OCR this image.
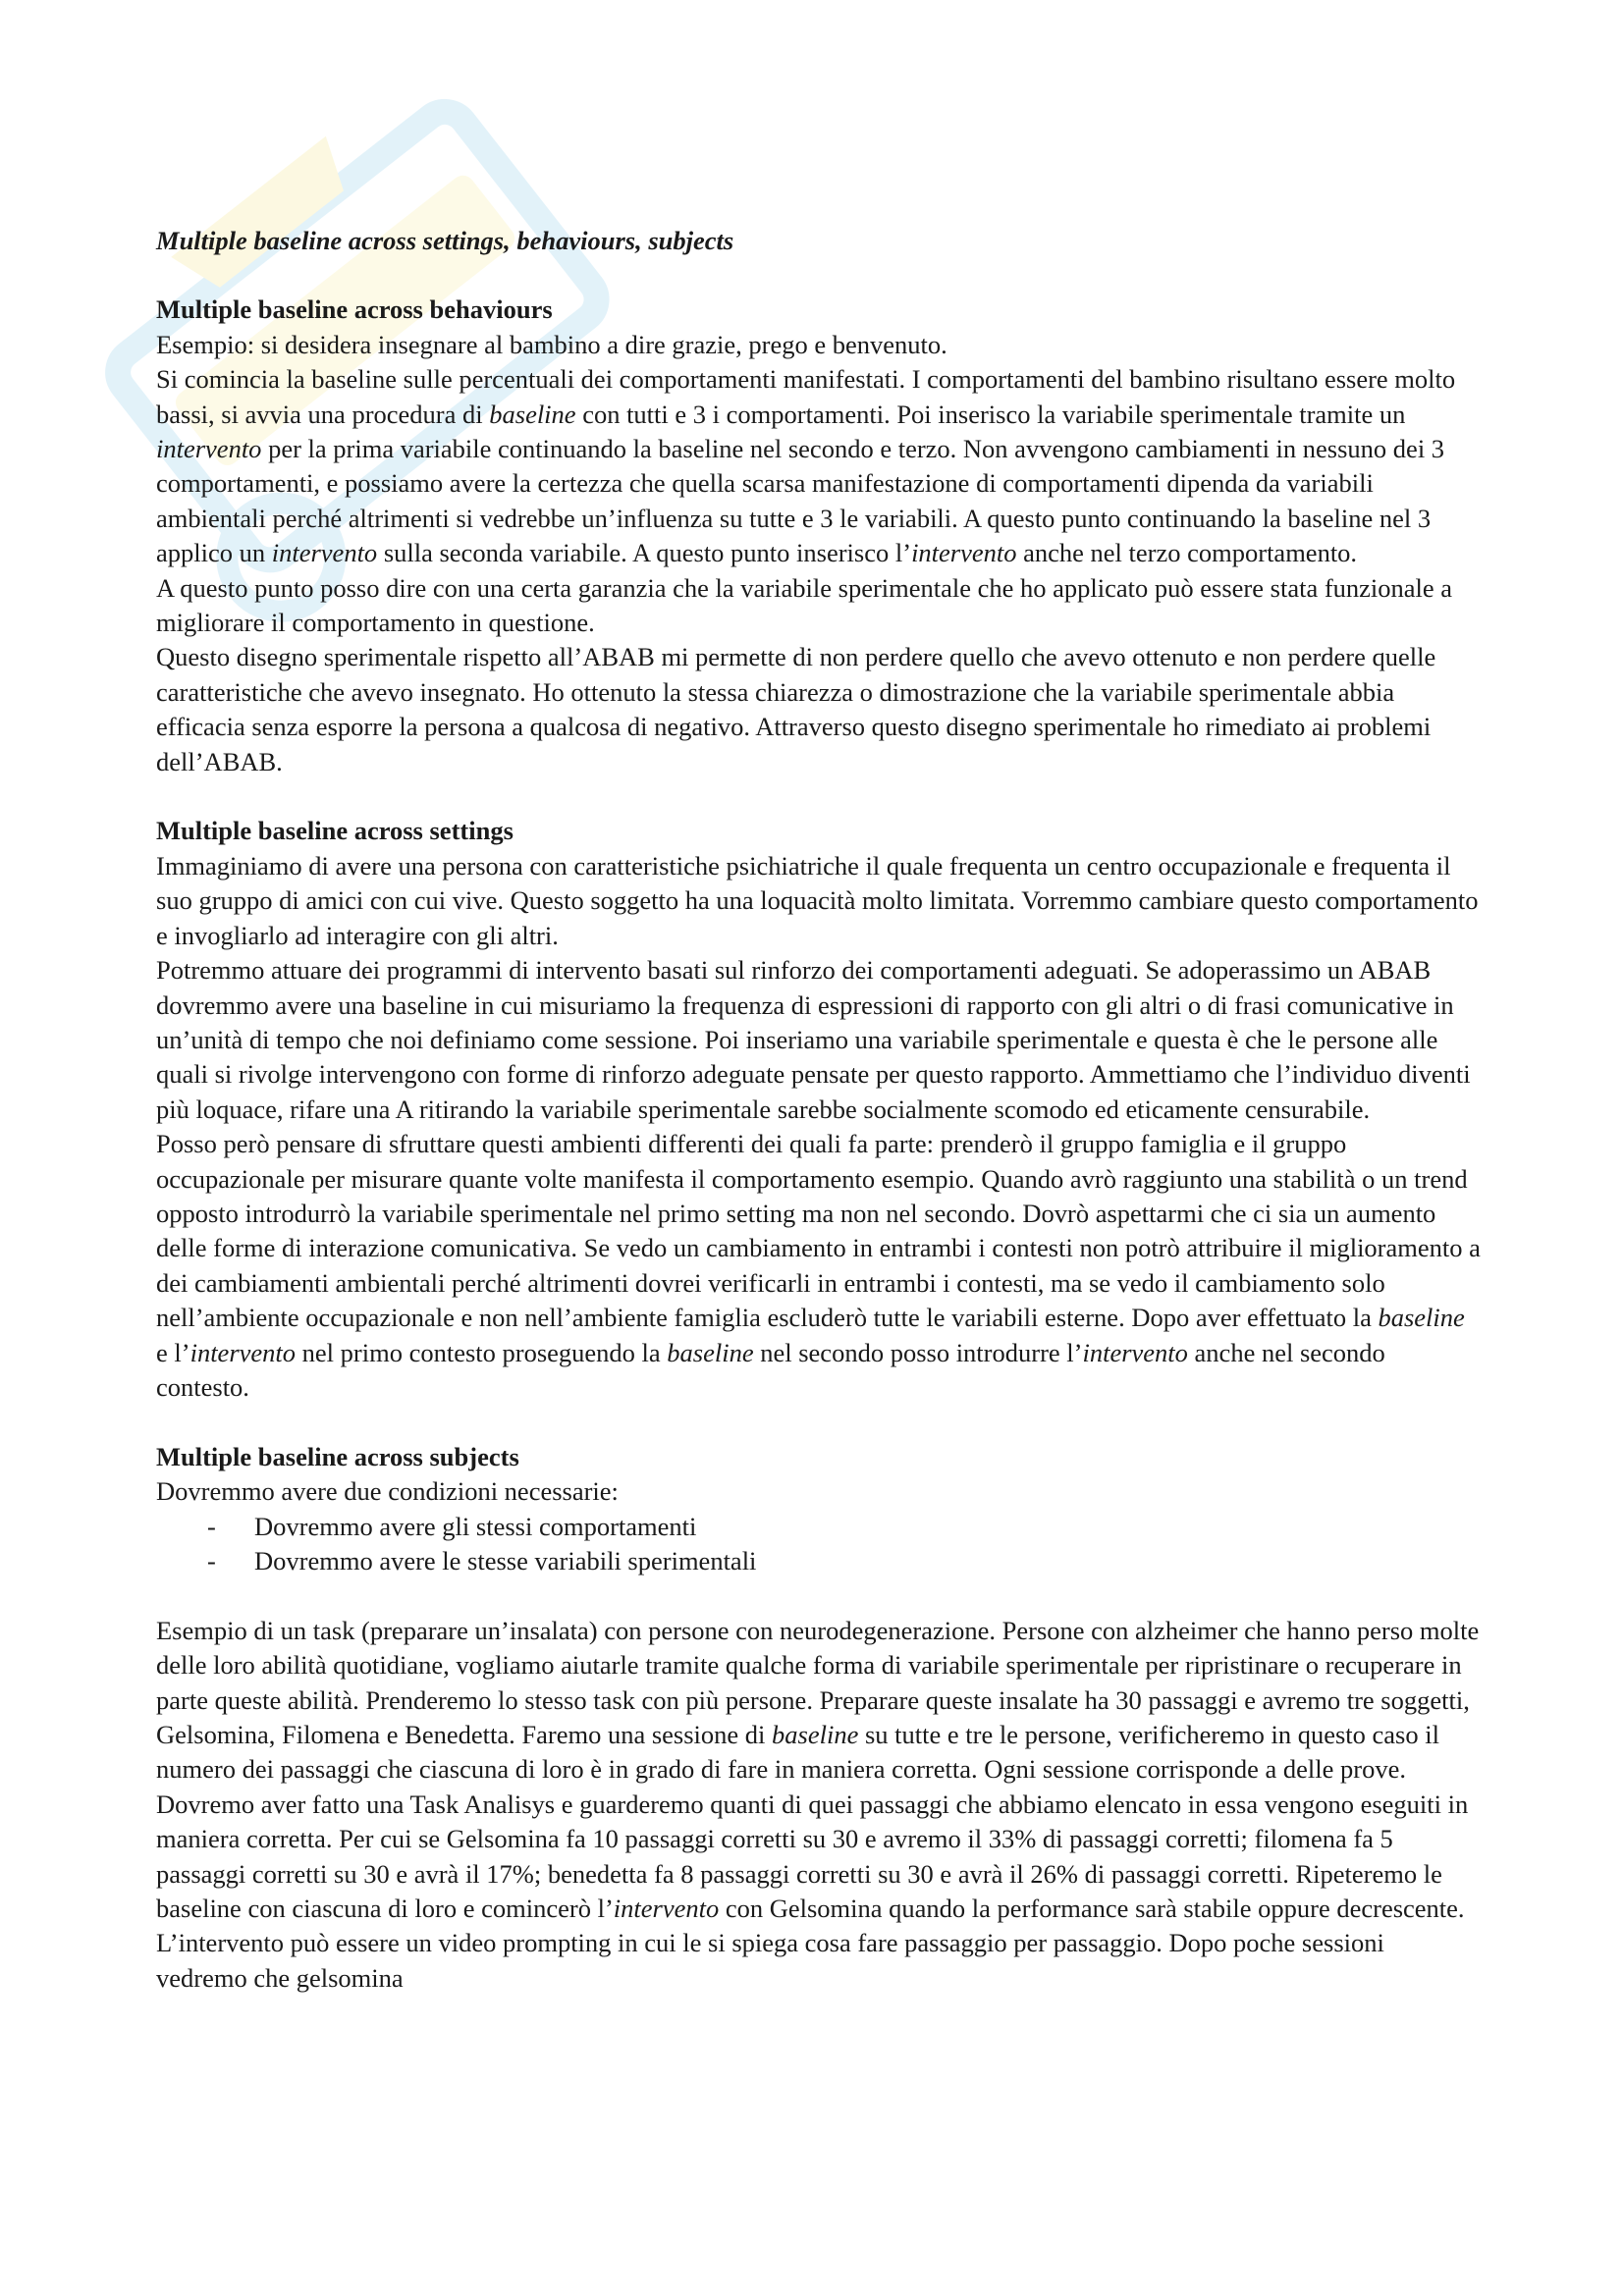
Multiple baseline across settings, behaviours, subjects

Multiple baseline across behaviours

Esempio: si desidera insegnare al bambino a dire grazie, prego e benvenuto.

Si comincia la baseline sulle percentuali dei comportamenti manifestati. I comportamenti del bambino risultano essere molto bassi, si avvia una procedura di baseline con tutti e 3 i comportamenti. Poi inserisco la variabile sperimentale tramite un intervento per la prima variabile continuando la baseline nel secondo e terzo. Non avvengono cambiamenti in nessuno dei 3 comportamenti, e possiamo avere la certezza che quella scarsa manifestazione di comportamenti dipenda da variabili ambientali perché altrimenti si vedrebbe un’influenza su tutte e 3 le variabili. A questo punto continuando la baseline nel 3 applico un intervento sulla seconda variabile. A questo punto inserisco l’intervento anche nel terzo comportamento.

A questo punto posso dire con una certa garanzia che la variabile sperimentale che ho applicato può essere stata funzionale a migliorare il comportamento in questione.

Questo disegno sperimentale rispetto all’ABAB mi permette di non perdere quello che avevo ottenuto e non perdere quelle caratteristiche che avevo insegnato. Ho ottenuto la stessa chiarezza o dimostrazione che la variabile sperimentale abbia efficacia senza esporre la persona a qualcosa di negativo. Attraverso questo disegno sperimentale ho rimediato ai problemi dell’ABAB.

Multiple baseline across settings

Immaginiamo di avere una persona con caratteristiche psichiatriche il quale frequenta un centro occupazionale e frequenta il suo gruppo di amici con cui vive. Questo soggetto ha una loquacità molto limitata. Vorremmo cambiare questo comportamento e invogliarlo ad interagire con gli altri.

Potremmo attuare dei programmi di intervento basati sul rinforzo dei comportamenti adeguati. Se adoperassimo un ABAB dovremmo avere una baseline in cui misuriamo la frequenza di espressioni di rapporto con gli altri o di frasi comunicative in un’unità di tempo che noi definiamo come sessione. Poi inseriamo una variabile sperimentale e questa è che le persone alle quali si rivolge intervengono con forme di rinforzo adeguate pensate per questo rapporto. Ammettiamo che l’individuo diventi più loquace, rifare una A ritirando la variabile sperimentale sarebbe socialmente scomodo ed eticamente censurabile.

Posso però pensare di sfruttare questi ambienti differenti dei quali fa parte: prenderò il gruppo famiglia e il gruppo occupazionale per misurare quante volte manifesta il comportamento esempio. Quando avrò raggiunto una stabilità o un trend opposto introdurrò la variabile sperimentale nel primo setting ma non nel secondo. Dovrò aspettarmi che ci sia un aumento delle forme di interazione comunicativa. Se vedo un cambiamento in entrambi i contesti non potrò attribuire il miglioramento a dei cambiamenti ambientali perché altrimenti dovrei verificarli in entrambi i contesti, ma se vedo il cambiamento solo nell’ambiente occupazionale e non nell’ambiente famiglia escluderò tutte le variabili esterne. Dopo aver effettuato la baseline e l’intervento nel primo contesto proseguendo la baseline nel secondo posso introdurre l’intervento anche nel secondo contesto.

Multiple baseline across subjects

Dovremmo avere due condizioni necessarie:

- Dovremmo avere gli stessi comportamenti
- Dovremmo avere le stesse variabili sperimentali

Esempio di un task (preparare un’insalata) con persone con neurodegenerazione. Persone con alzheimer che hanno perso molte delle loro abilità quotidiane, vogliamo aiutarle tramite qualche forma di variabile sperimentale per ripristinare o recuperare in parte queste abilità. Prenderemo lo stesso task con più persone. Preparare queste insalate ha 30 passaggi e avremo tre soggetti, Gelsomina, Filomena e Benedetta. Faremo una sessione di baseline su tutte e tre le persone, verificheremo in questo caso il numero dei passaggi che ciascuna di loro è in grado di fare in maniera corretta. Ogni sessione corrisponde a delle prove. Dovremo aver fatto una Task Analisys e guarderemo quanti di quei passaggi che abbiamo elencato in essa vengono eseguiti in maniera corretta. Per cui se Gelsomina fa 10 passaggi corretti su 30 e avremo il 33% di passaggi corretti; filomena fa 5 passaggi corretti su 30 e avrà il 17%; benedetta fa 8 passaggi corretti su 30 e avrà il 26% di passaggi corretti. Ripeteremo le baseline con ciascuna di loro e comincerò l’intervento con Gelsomina quando la performance sarà stabile oppure decrescente. L’intervento può essere un video prompting in cui le si spiega cosa fare passaggio per passaggio. Dopo poche sessioni vedremo che gelsomina
